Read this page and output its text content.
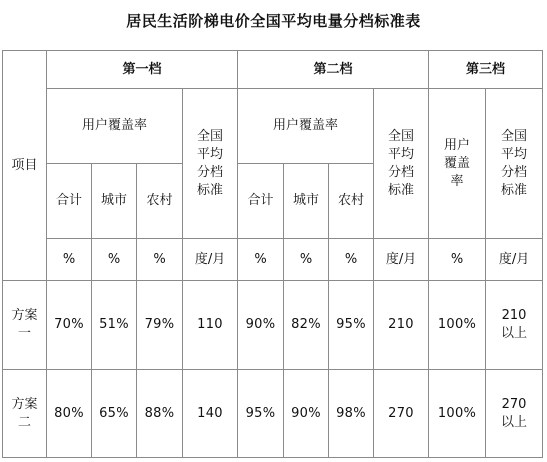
居民生活阶梯电价全国平均电量分档标准表
项目	第一档				第二档				第三档	
	用户覆盖率			全国平均分档标准	用户覆盖率			全国平均分档标准	用户覆盖率	全国平均分档标准
	合计	城市	农村		合计	城市	农村			
	%	%	%	度/月	%	%	%	度/月	%	度/月
方案一	70%	51%	79%	110	90%	82%	95%	210	100%	210以上
方案二	80%	65%	88%	140	95%	90%	98%	270	100%	270以上
